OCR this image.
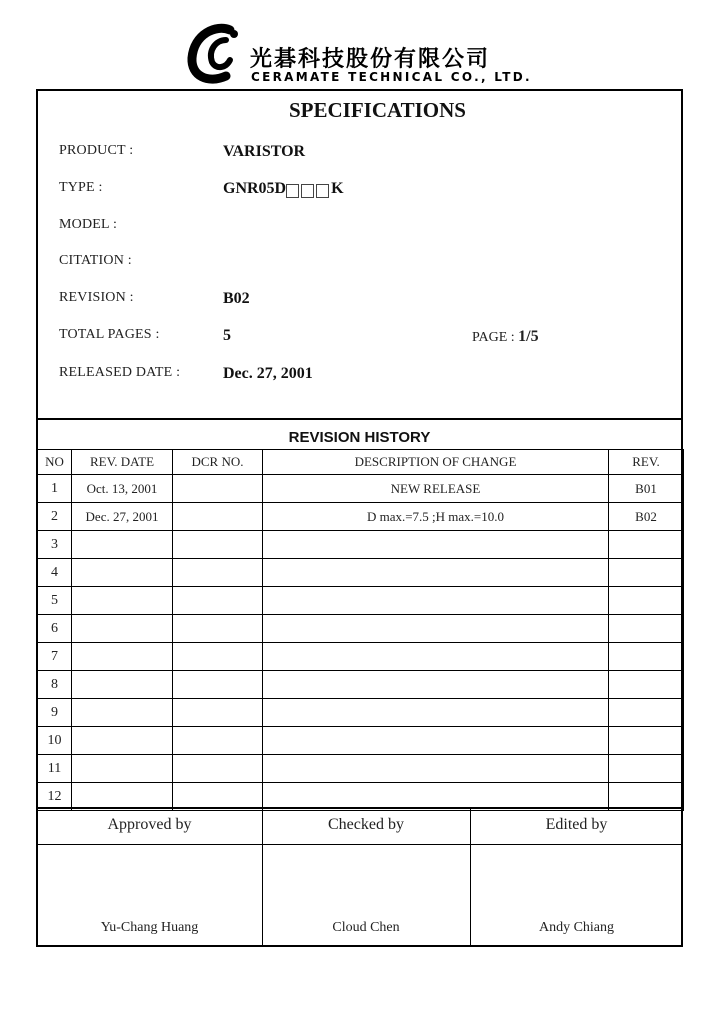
光碁科技股份有限公司
CERAMATE TECHNICAL CO., LTD.
SPECIFICATIONS
PRODUCT :	VARISTOR
TYPE :	GNR05D	K
MODEL :
CITATION :
REVISION :	B02
TOTAL PAGES :	5	PAGE : 1/5
RELEASED DATE :	Dec. 27, 2001
REVISION HISTORY
NO	REV. DATE	DCR NO.	DESCRIPTION OF CHANGE	REV.
1	Oct. 13, 2001		NEW RELEASE	B01
2	Dec. 27, 2001		D max.=7.5 ;H max.=10.0	B02
3				
4				
5				
6				
7				
8				
9				
10				
11				
12				
Approved by	Checked by	Edited by
Yu-Chang Huang	Cloud Chen	Andy Chiang
